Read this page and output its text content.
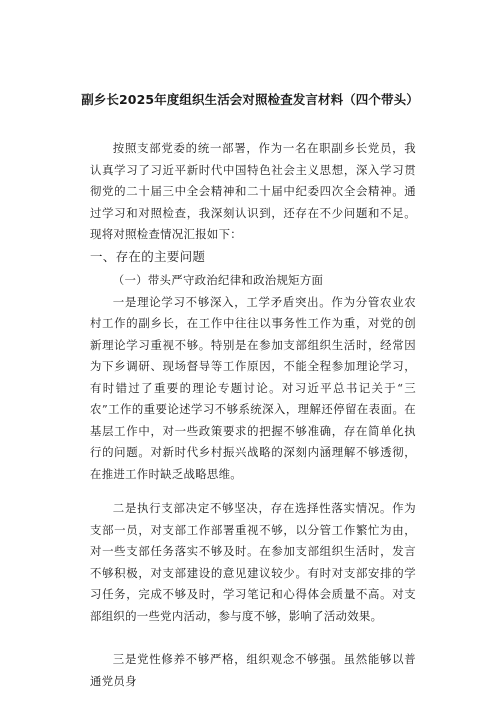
副乡长2025年度组织生活会对照检查发言材料（四个带头）

按照支部党委的统一部署，作为一名在职副乡长党员，我认真学习了习近平新时代中国特色社会主义思想，深入学习贯彻党的二十届三中全会精神和二十届中纪委四次全会精神。通过学习和对照检查，我深刻认识到，还存在不少问题和不足。现将对照检查情况汇报如下：

一、存在的主要问题

（一）带头严守政治纪律和政治规矩方面

一是理论学习不够深入，工学矛盾突出。作为分管农业农村工作的副乡长，在工作中往往以事务性工作为重，对党的创新理论学习重视不够。特别是在参加支部组织生活时，经常因为下乡调研、现场督导等工作原因，不能全程参加理论学习，有时错过了重要的理论专题讨论。对习近平总书记关于“三农”工作的重要论述学习不够系统深入，理解还停留在表面。在基层工作中，对一些政策要求的把握不够准确，存在简单化执行的问题。对新时代乡村振兴战略的深刻内涵理解不够透彻，在推进工作时缺乏战略思维。

二是执行支部决定不够坚决，存在选择性落实情况。作为支部一员，对支部工作部署重视不够，以分管工作繁忙为由，对一些支部任务落实不够及时。在参加支部组织生活时，发言不够积极，对支部建设的意见建议较少。有时对支部安排的学习任务，完成不够及时，学习笔记和心得体会质量不高。对支部组织的一些党内活动，参与度不够，影响了活动效果。

三是党性修养不够严格，组织观念不够强。虽然能够以普通党员身
